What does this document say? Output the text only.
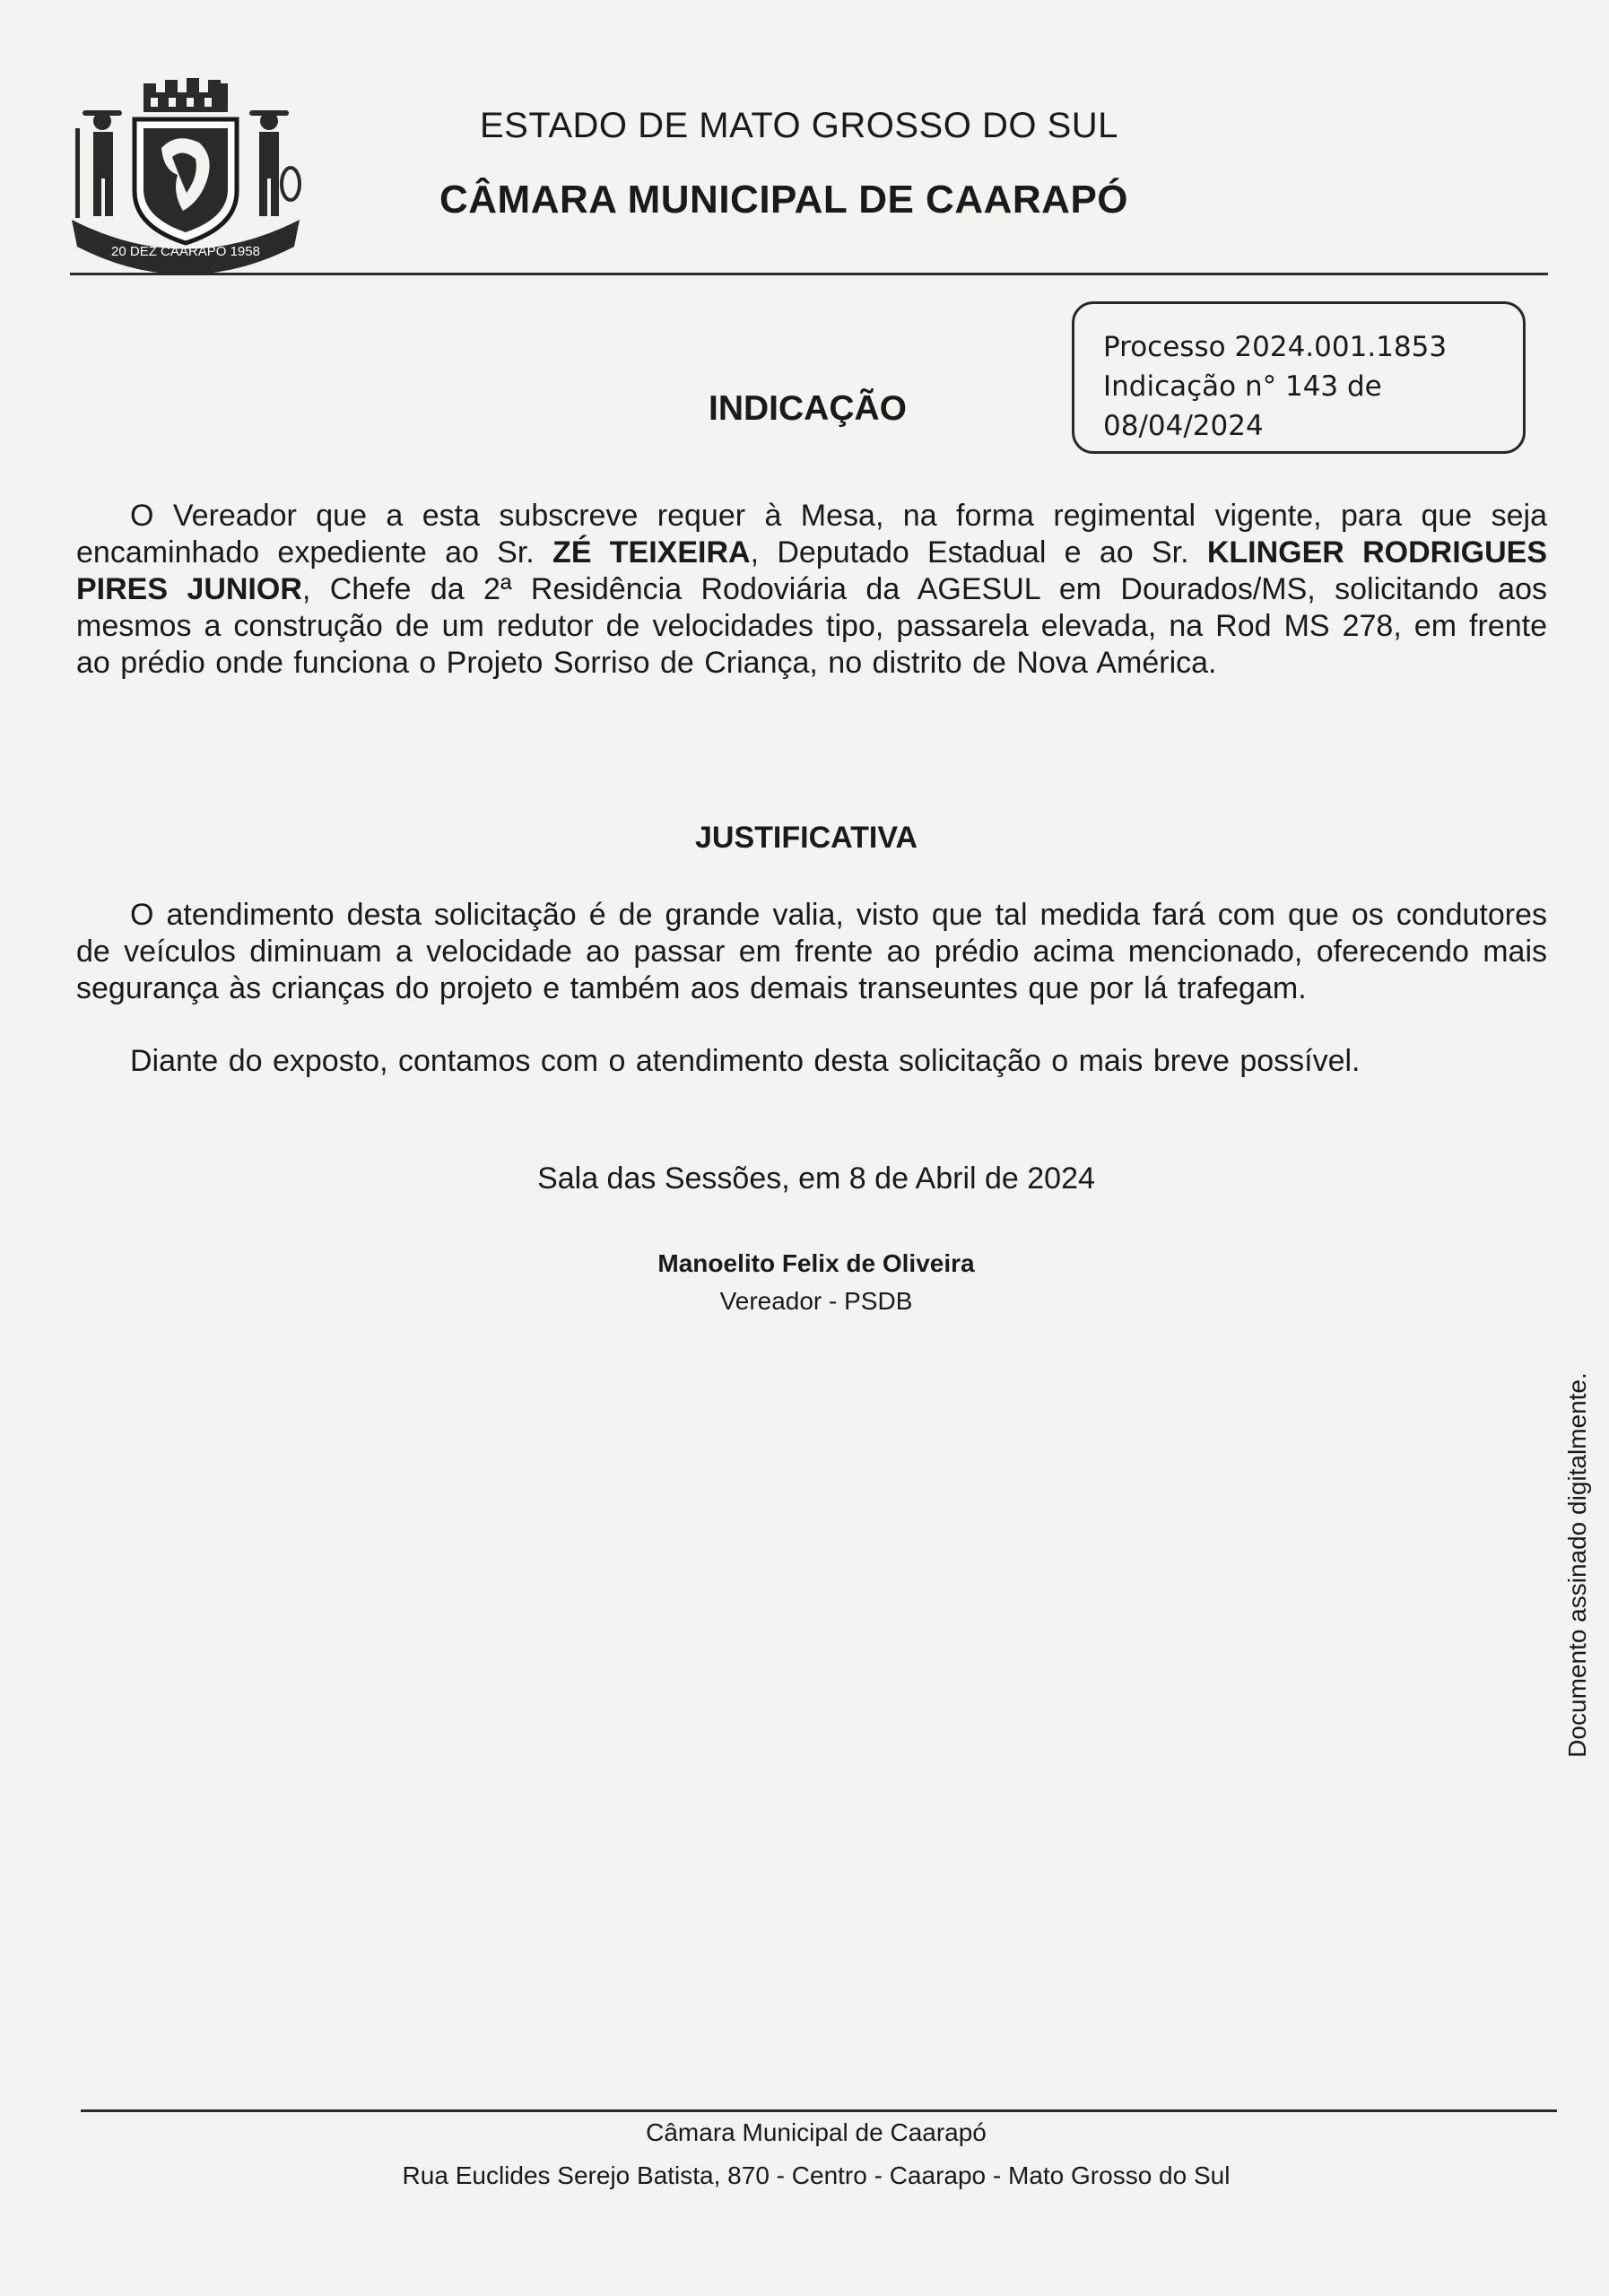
20 DEZ CAARAPÓ 1958
ESTADO DE MATO GROSSO DO SUL
CÂMARA MUNICIPAL DE CAARAPÓ
Processo 2024.001.1853
Indicação n° 143 de
08/04/2024
INDICAÇÃO
O Vereador que a esta subscreve requer à Mesa, na forma regimental vigente, para que seja encaminhado expediente ao Sr. ZÉ TEIXEIRA, Deputado Estadual e ao Sr. KLINGER RODRIGUES PIRES JUNIOR, Chefe da 2ª Residência Rodoviária da AGESUL em Dourados/MS, solicitando aos mesmos a construção de um redutor de velocidades tipo, passarela elevada, na Rod MS 278, em frente ao prédio onde funciona o Projeto Sorriso de Criança, no distrito de Nova América.
JUSTIFICATIVA
O atendimento desta solicitação é de grande valia, visto que tal medida fará com que os condutores de veículos diminuam a velocidade ao passar em frente ao prédio acima mencionado, oferecendo mais segurança às crianças do projeto e também aos demais transeuntes que por lá trafegam.
Diante do exposto, contamos com o atendimento desta solicitação o mais breve possível.
Sala das Sessões, em 8 de Abril de 2024
Manoelito Felix de Oliveira
Vereador - PSDB
Documento assinado digitalmente.
Câmara Municipal de Caarapó
Rua Euclides Serejo Batista, 870 - Centro - Caarapo - Mato Grosso do Sul
